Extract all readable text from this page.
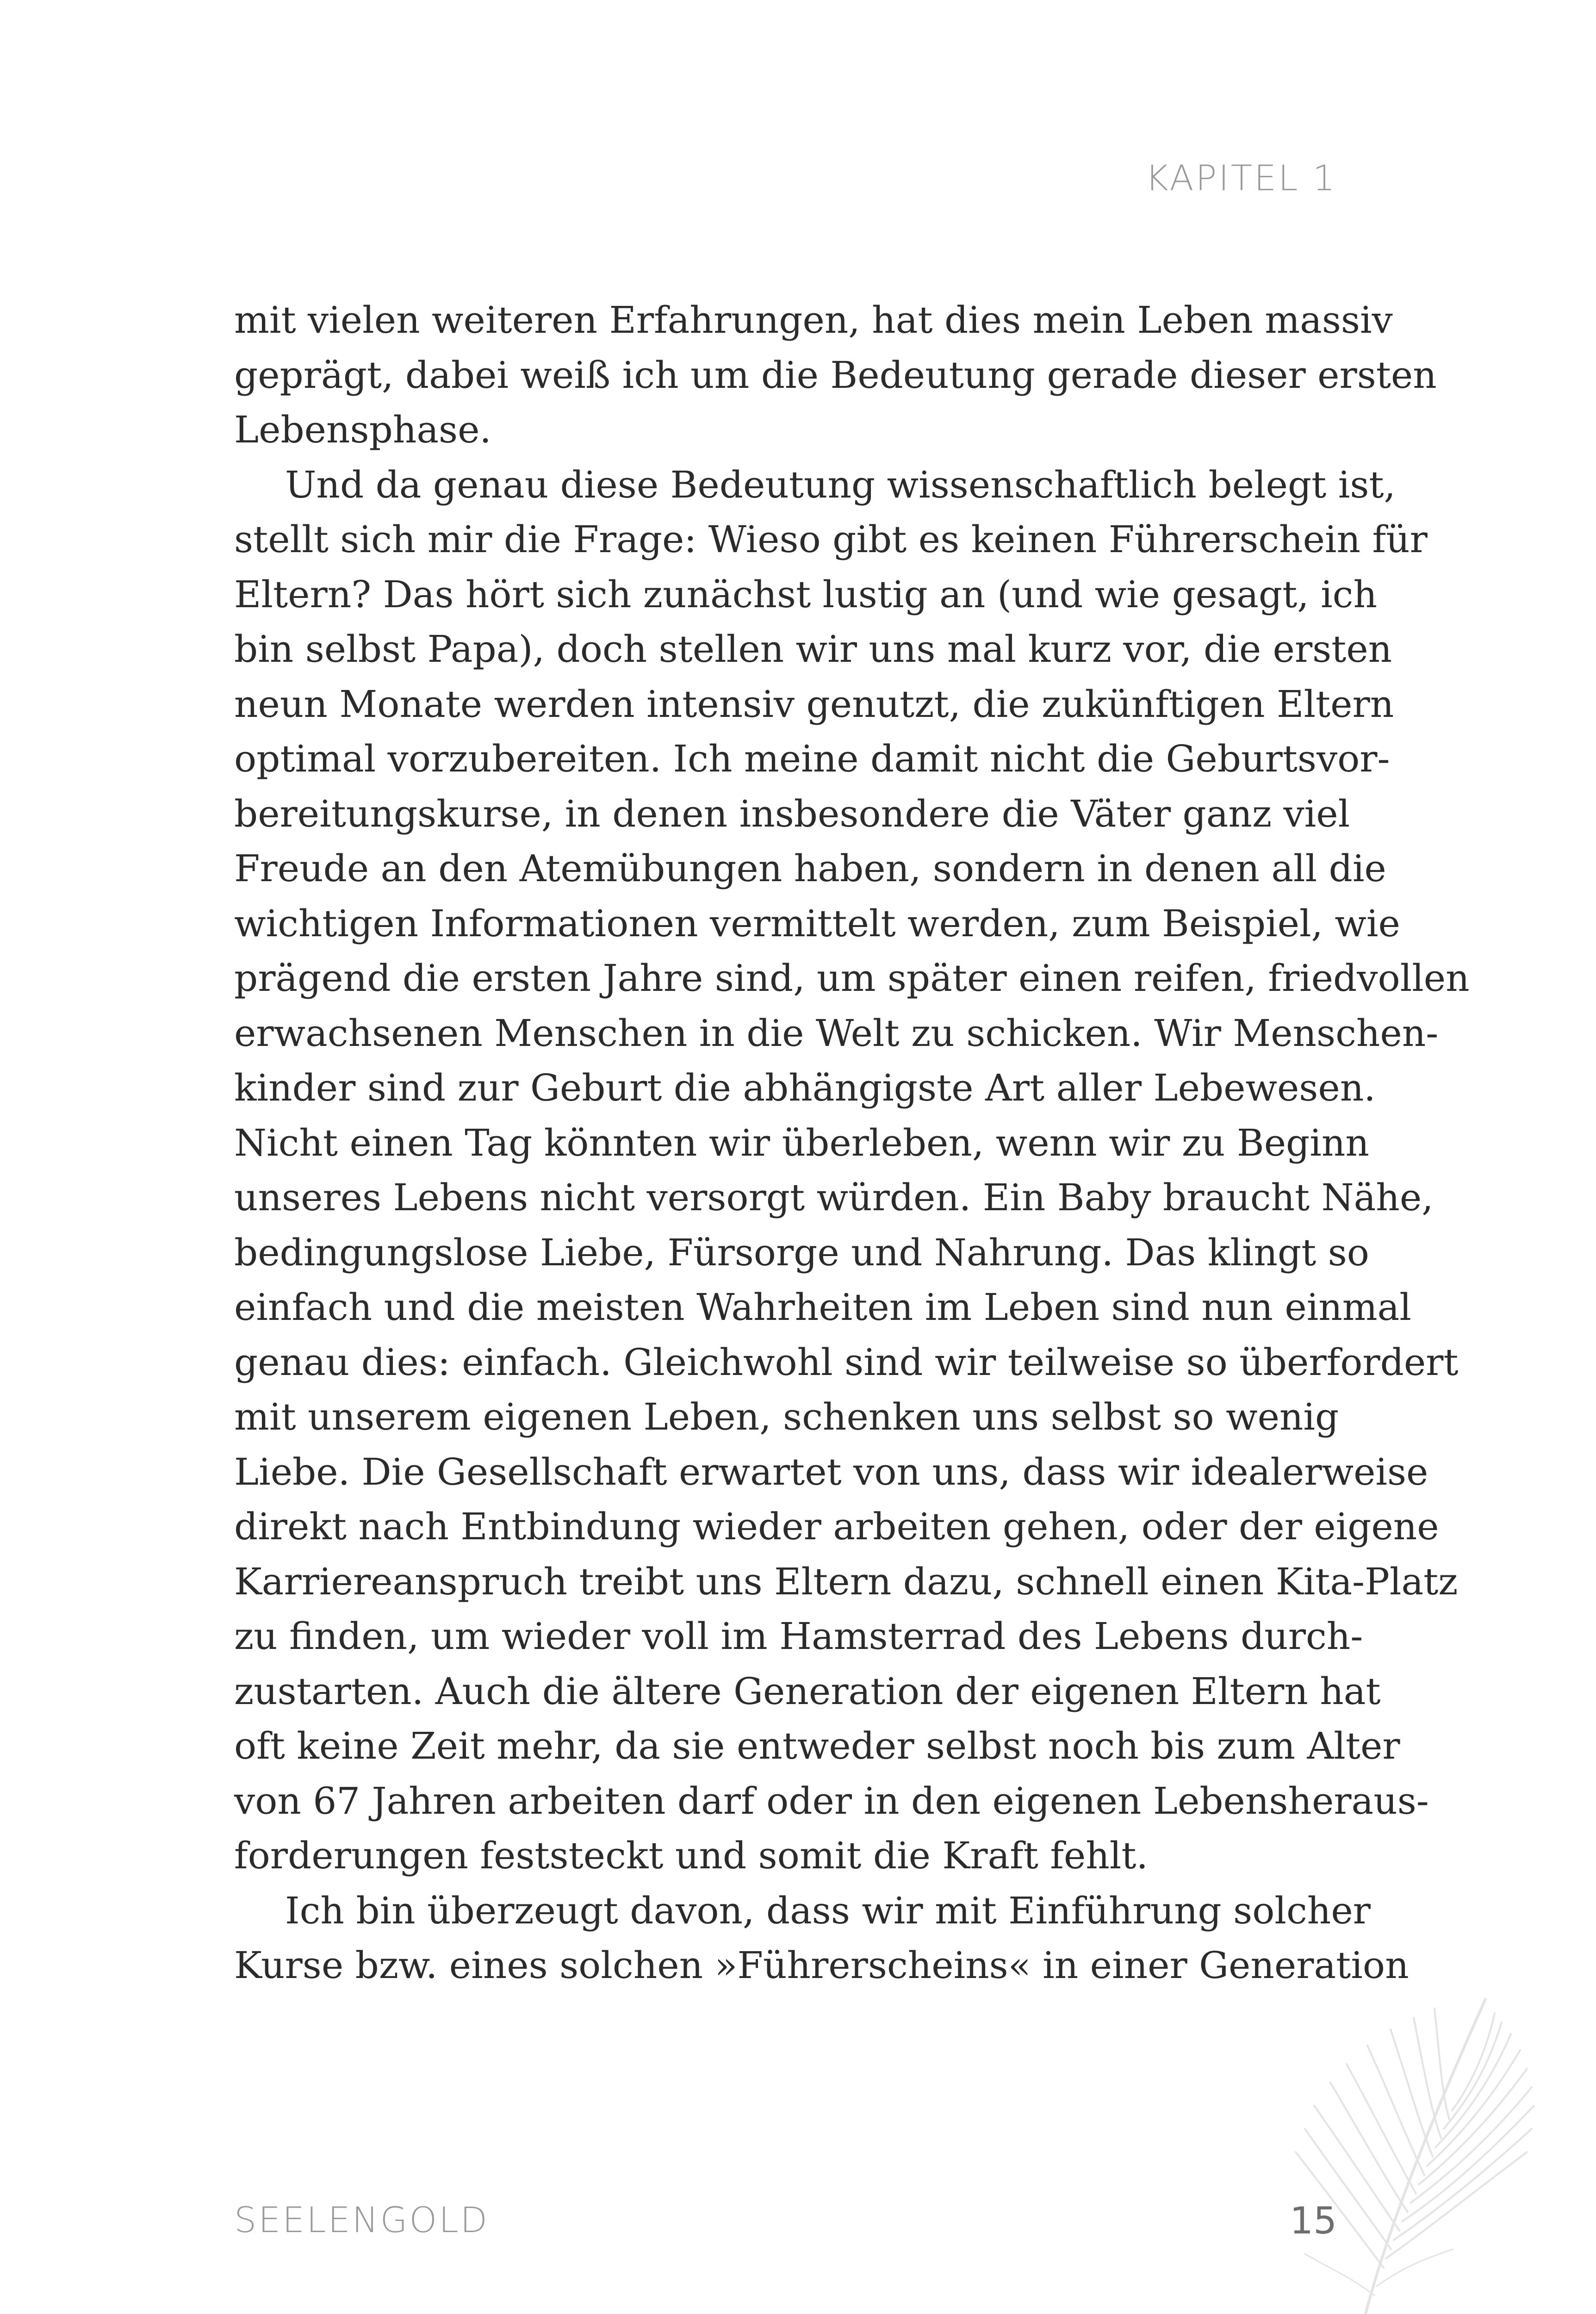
KAPITEL 1
mit vielen weiteren Erfahrungen, hat dies mein Leben massiv
geprägt, dabei weiß ich um die Bedeutung gerade dieser ersten
Lebensphase.
Und da genau diese Bedeutung wissenschaftlich belegt ist,
stellt sich mir die Frage: Wieso gibt es keinen Führerschein für
Eltern? Das hört sich zunächst lustig an (und wie gesagt, ich
bin selbst Papa), doch stellen wir uns mal kurz vor, die ersten
neun Monate werden intensiv genutzt, die zukünftigen Eltern
optimal vorzubereiten. Ich meine damit nicht die Geburtsvor-
bereitungskurse, in denen insbesondere die Väter ganz viel
Freude an den Atemübungen haben, sondern in denen all die
wichtigen Informationen vermittelt werden, zum Beispiel, wie
prägend die ersten Jahre sind, um später einen reifen, friedvollen
erwachsenen Menschen in die Welt zu schicken. Wir Menschen-
kinder sind zur Geburt die abhängigste Art aller Lebewesen.
Nicht einen Tag könnten wir überleben, wenn wir zu Beginn
unseres Lebens nicht versorgt würden. Ein Baby braucht Nähe,
bedingungslose Liebe, Fürsorge und Nahrung. Das klingt so
einfach und die meisten Wahrheiten im Leben sind nun einmal
genau dies: einfach. Gleichwohl sind wir teilweise so überfordert
mit unserem eigenen Leben, schenken uns selbst so wenig
Liebe. Die Gesellschaft erwartet von uns, dass wir idealerweise
direkt nach Entbindung wieder arbeiten gehen, oder der eigene
Karriereanspruch treibt uns Eltern dazu, schnell einen Kita-Platz
zu finden, um wieder voll im Hamsterrad des Lebens durch-
zustarten. Auch die ältere Generation der eigenen Eltern hat
oft keine Zeit mehr, da sie entweder selbst noch bis zum Alter
von 67 Jahren arbeiten darf oder in den eigenen Lebensheraus-
forderungen feststeckt und somit die Kraft fehlt.
Ich bin überzeugt davon, dass wir mit Einführung solcher
Kurse bzw. eines solchen »Führerscheins« in einer Generation
SEELENGOLD	15
